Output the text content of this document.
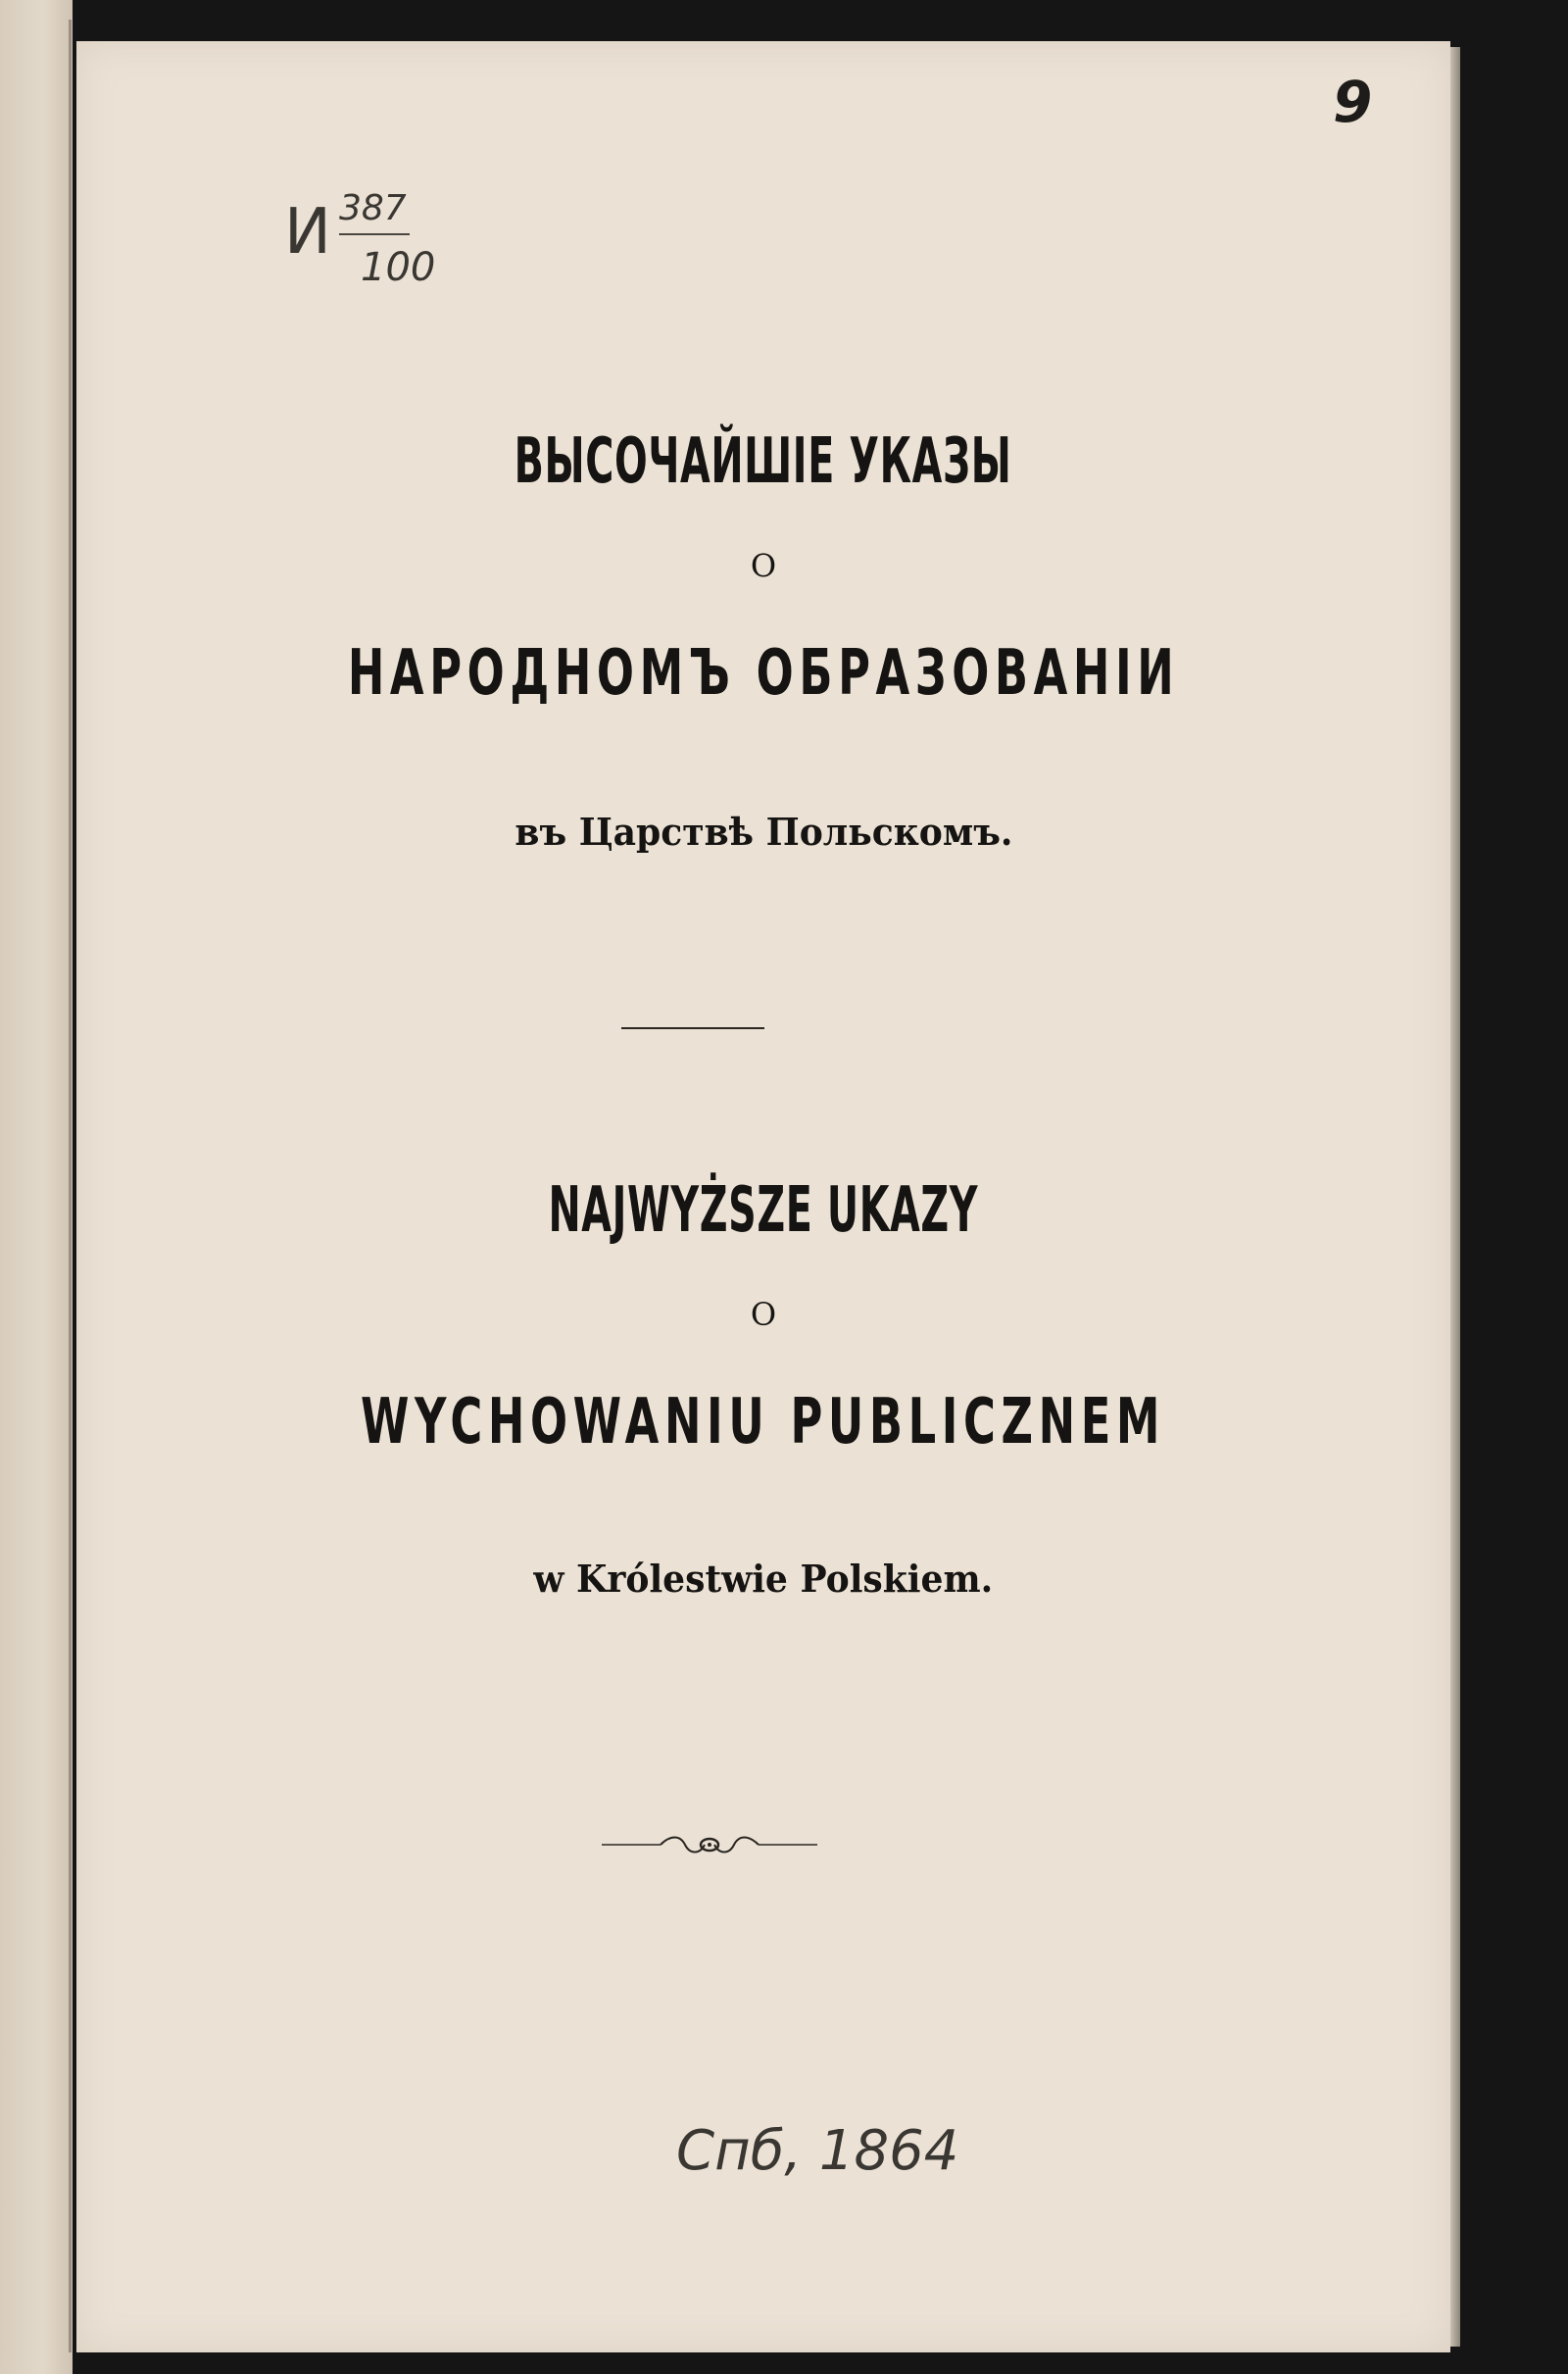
И 387
100
9
ВЫСОЧАЙШІЕ УКАЗЫ
О
НАРОДНОМЪ ОБРАЗОВАНІИ
въ Царствѣ Польскомъ.
NAJWYŻSZE UKAZY
O
WYCHOWANIU PUBLICZNEM
w Królestwie Polskiem.
Спб, 1864
